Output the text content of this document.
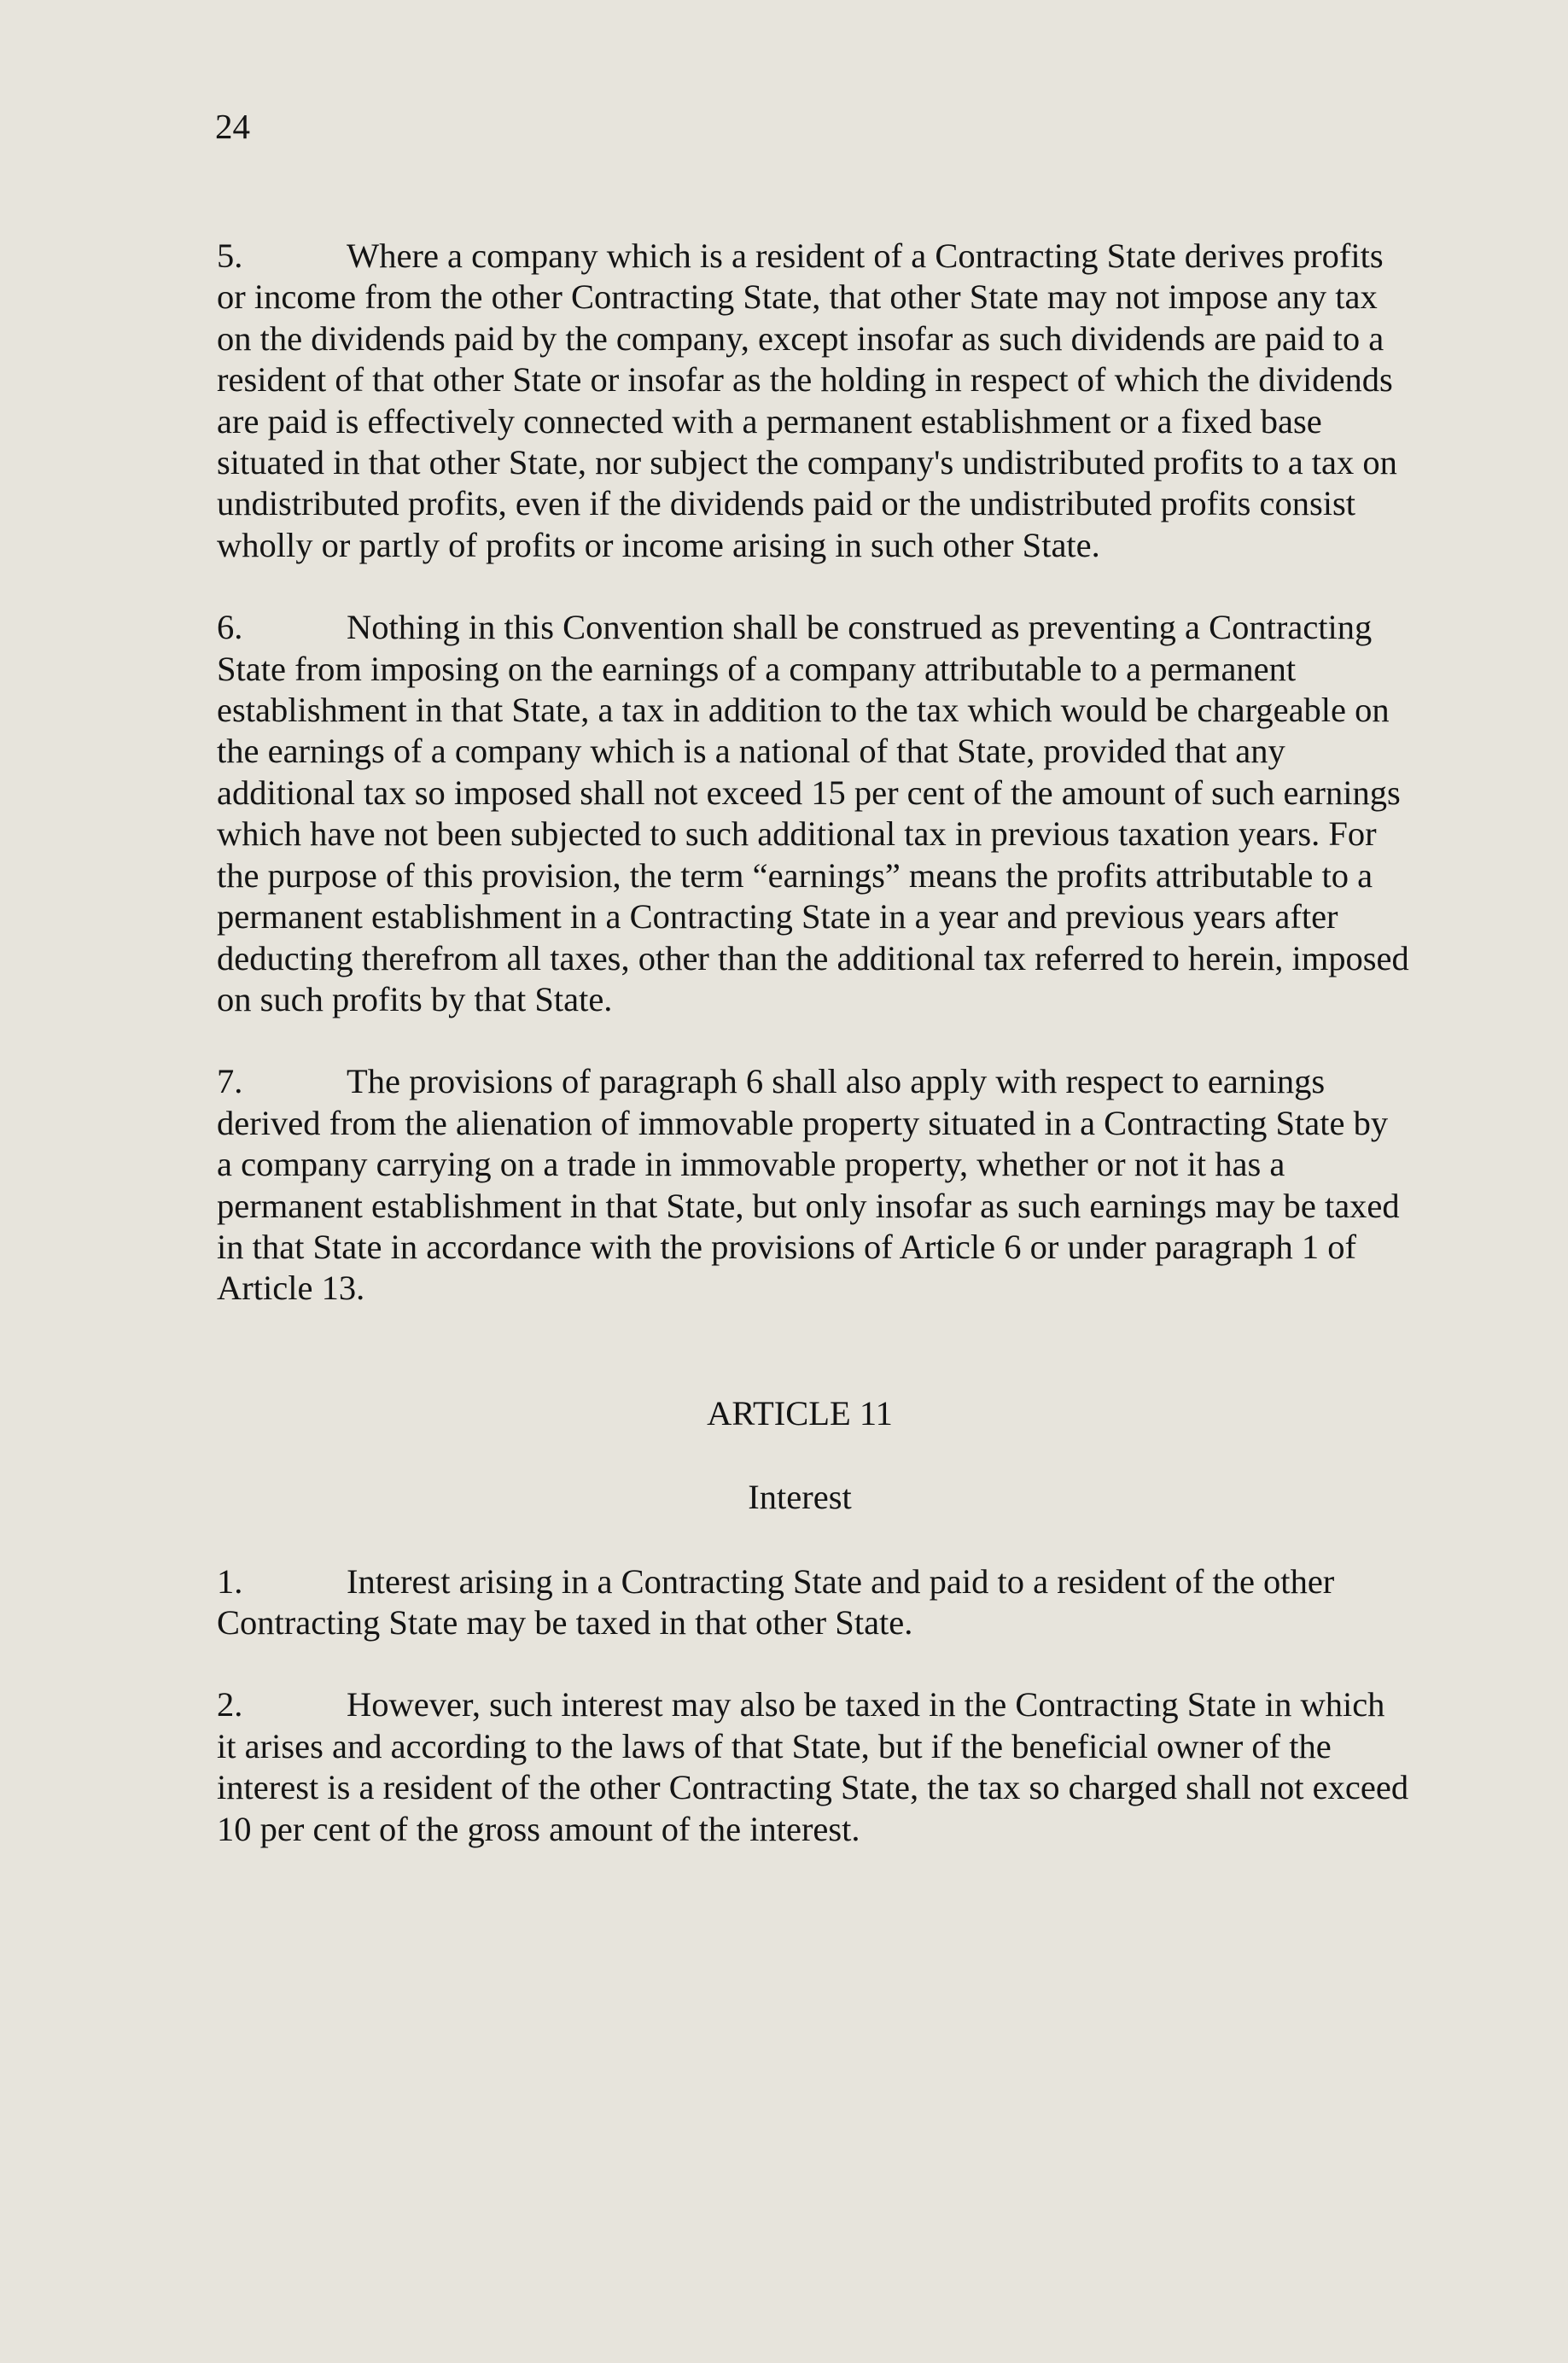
24

5.	Where a company which is a resident of a Contracting State derives profits or income from the other Contracting State, that other State may not impose any tax on the dividends paid by the company, except insofar as such dividends are paid to a resident of that other State or insofar as the holding in respect of which the dividends are paid is effectively connected with a permanent establishment or a fixed base situated in that other State, nor subject the company's undistributed profits to a tax on undistributed profits, even if the dividends paid or the undistributed profits consist wholly or partly of profits or income arising in such other State.

6.	Nothing in this Convention shall be construed as preventing a Contracting State from imposing on the earnings of a company attributable to a permanent establishment in that State, a tax in addition to the tax which would be chargeable on the earnings of a company which is a national of that State, provided that any additional tax so imposed shall not exceed 15 per cent of the amount of such earnings which have not been subjected to such additional tax in previous taxation years. For the purpose of this provision, the term “earnings” means the profits attributable to a permanent establishment in a Contracting State in a year and previous years after deducting therefrom all taxes, other than the additional tax referred to herein, imposed on such profits by that State.

7.	The provisions of paragraph 6 shall also apply with respect to earnings derived from the alienation of immovable property situated in a Contracting State by a company carrying on a trade in immovable property, whether or not it has a permanent establishment in that State, but only insofar as such earnings may be taxed in that State in accordance with the provisions of Article 6 or under paragraph 1 of Article 13.

ARTICLE 11

Interest

1.	Interest arising in a Contracting State and paid to a resident of the other Contracting State may be taxed in that other State.

2.	However, such interest may also be taxed in the Contracting State in which it arises and according to the laws of that State, but if the beneficial owner of the interest is a resident of the other Contracting State, the tax so charged shall not exceed 10 per cent of the gross amount of the interest.
